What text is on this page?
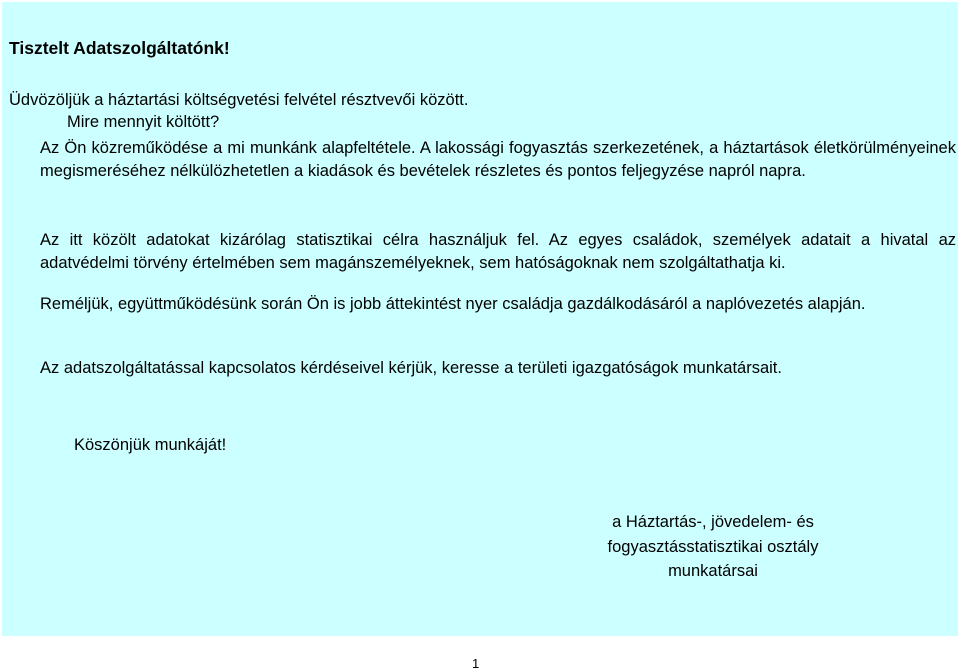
Tisztelt Adatszolgáltatónk!

Üdvözöljük a háztartási költségvetési felvétel résztvevői között.

Mire mennyit költött?

Az Ön közreműködése a mi munkánk alapfeltétele. A lakossági fogyasztás szerkezetének, a háztartások életkörülményeinek megismeréséhez nélkülözhetetlen a kiadások és bevételek részletes és pontos feljegyzése napról napra.

Az itt közölt adatokat kizárólag statisztikai célra használjuk fel. Az egyes családok, személyek adatait a hivatal az adatvédelmi törvény értelmében sem magánszemélyeknek, sem hatóságoknak nem szolgáltathatja ki.

Reméljük, együttműködésünk során Ön is jobb áttekintést nyer családja gazdálkodásáról a naplóvezetés alapján.

Az adatszolgáltatással kapcsolatos kérdéseivel kérjük, keresse a területi igazgatóságok munkatársait.

Köszönjük munkáját!

a Háztartás-, jövedelem- és
fogyasztásstatisztikai osztály
munkatársai

1
